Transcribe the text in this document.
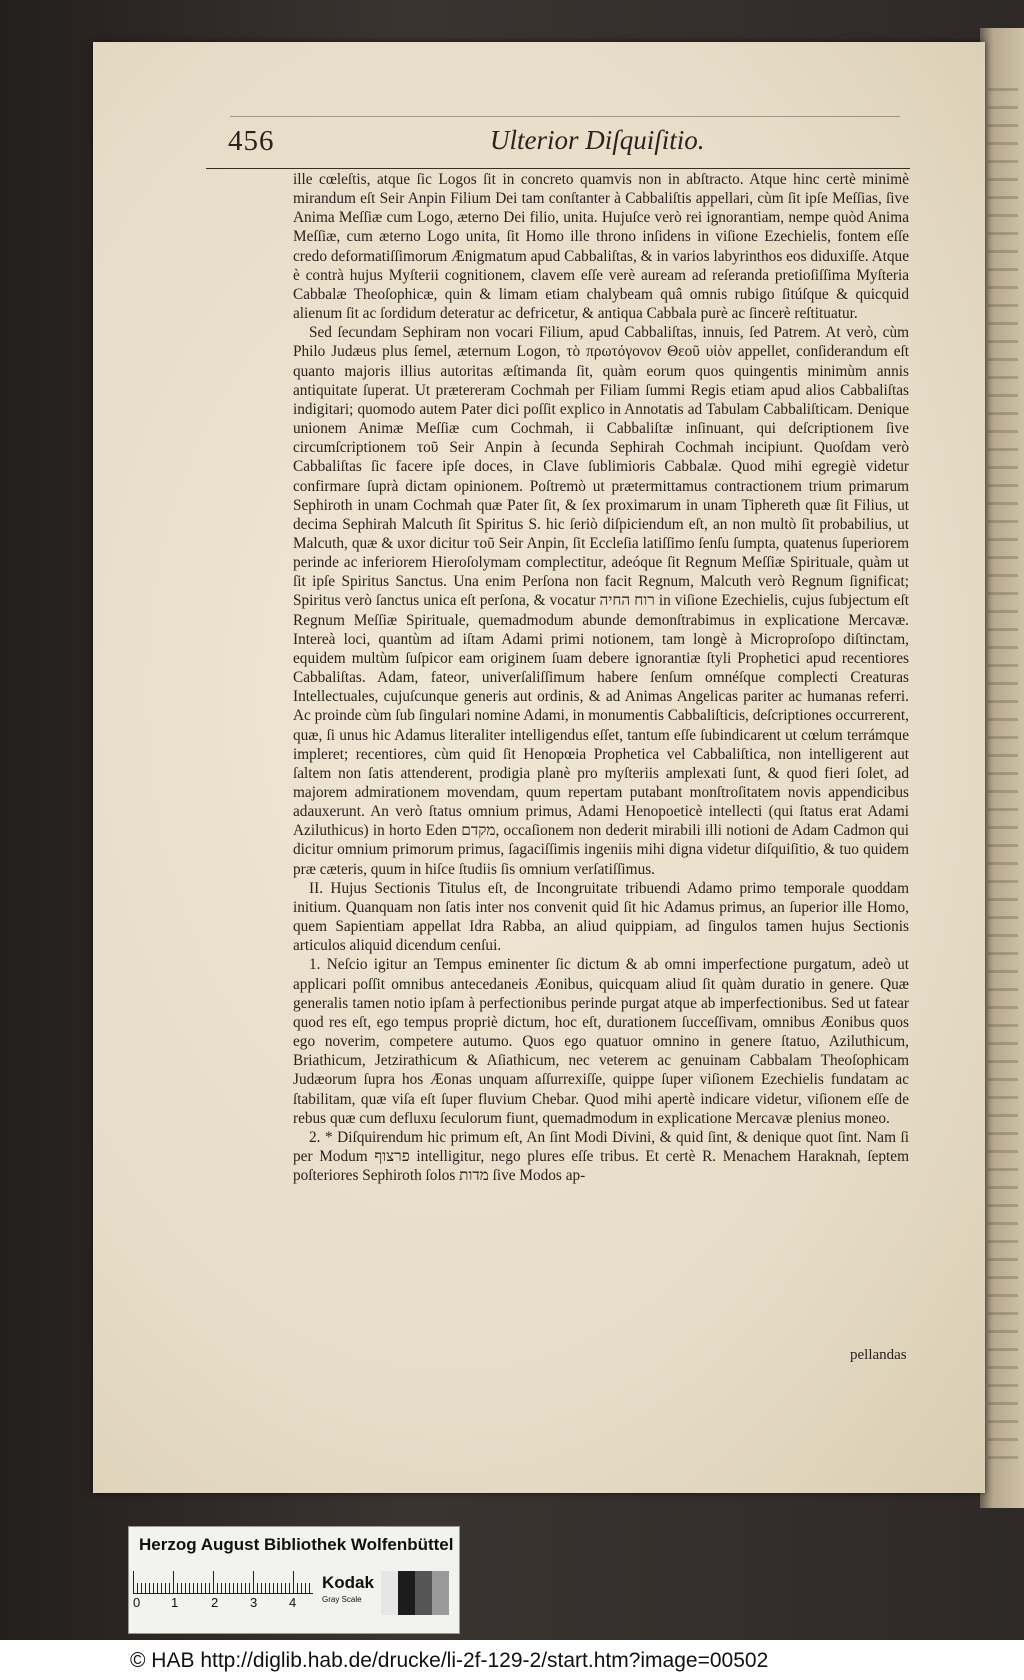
456	Ulterior Diſquiſitio.

ille cœleſtis, atque ſic Logos ſit in concreto quamvis non in abſtracto. Atque hinc certè minimè mirandum eſt Seir Anpin Filium Dei tam conſtanter à Cabbaliſtis appellari, cùm ſit ipſe Meſſias, ſive Anima Meſſiæ cum Logo, æterno Dei filio, unita. Hujuſce verò rei ignorantiam, nempe quòd Anima Meſſiæ, cum æterno Logo unita, ſit Homo ille throno inſidens in viſione Ezechielis, fontem eſſe credo deformatiſſimorum Ænigmatum apud Cabbaliſtas, & in varios labyrinthos eos diduxiſſe. Atque è contrà hujus Myſterii cognitionem, clavem eſſe verè auream ad reſeranda pretioſiſſima Myſteria Cabbalæ Theoſophicæ, quin & limam etiam chalybeam quâ omnis rubigo ſitúſque & quicquid alienum ſit ac ſordidum deteratur ac defricetur, & antiqua Cabbala purè ac ſincerè reſtituatur.

Sed ſecundam Sephiram non vocari Filium, apud Cabbaliſtas, innuis, ſed Patrem. At verò, cùm Philo Judæus plus ſemel, æternum Logon, τὸ πρωτόγονον Θεοῦ υἱὸν appellet, conſiderandum eſt quanto majoris illius autoritas æſtimanda ſit, quàm eorum quos quingentis minimùm annis antiquitate ſuperat. Ut prætereram Cochmah per Filiam ſummi Regis etiam apud alios Cabbaliſtas indigitari; quomodo autem Pater dici poſſit explico in Annotatis ad Tabulam Cabbaliſticam. Denique unionem Animæ Meſſiæ cum Cochmah, ii Cabbaliſtæ inſinuant, qui deſcriptionem ſive circumſcriptionem τοῦ Seir Anpin à ſecunda Sephirah Cochmah incipiunt. Quoſdam verò Cabbaliſtas ſic facere ipſe doces, in Clave ſublimioris Cabbalæ. Quod mihi egregiè videtur confirmare ſuprà dictam opinionem. Poſtremò ut prætermittamus contractionem trium primarum Sephiroth in unam Cochmah quæ Pater ſit, & ſex proximarum in unam Tiphereth quæ ſit Filius, ut decima Sephirah Malcuth ſit Spiritus S. hic ſeriò diſpiciendum eſt, an non multò ſit probabilius, ut Malcuth, quæ & uxor dicitur τοῦ Seir Anpin, ſit Eccleſia latiſſimo ſenſu ſumpta, quatenus ſuperiorem perinde ac inferiorem Hieroſolymam complectitur, adeóque ſit Regnum Meſſiæ Spirituale, quàm ut ſit ipſe Spiritus Sanctus. Una enim Perſona non facit Regnum, Malcuth verò Regnum ſignificat; Spiritus verò ſanctus unica eſt perſona, & vocatur רוח החיה in viſione Ezechielis, cujus ſubjectum eſt Regnum Meſſiæ Spirituale, quemadmodum abunde demonſtrabimus in explicatione Mercavæ. Intereà loci, quantùm ad iſtam Adami primi notionem, tam longè à Microproſopo diſtinctam, equidem multùm ſuſpicor eam originem ſuam debere ignorantiæ ſtyli Prophetici apud recentiores Cabbaliſtas. Adam, fateor, univerſaliſſimum habere ſenſum omnéſque complecti Creaturas Intellectuales, cujuſcunque generis aut ordinis, & ad Animas Angelicas pariter ac humanas referri. Ac proinde cùm ſub ſingulari nomine Adami, in monumentis Cabbaliſticis, deſcriptiones occurrerent, quæ, ſi unus hic Adamus literaliter intelligendus eſſet, tantum eſſe ſubindicarent ut cœlum terrámque impleret; recentiores, cùm quid ſit Henopœia Prophetica vel Cabbaliſtica, non intelligerent aut ſaltem non ſatis attenderent, prodigia planè pro myſteriis amplexati ſunt, & quod fieri ſolet, ad majorem admirationem movendam, quum repertam putabant monſtroſitatem novis appendicibus adauxerunt. An verò ſtatus omnium primus, Adami Henopoeticè intellecti (qui ſtatus erat Adami Aziluthicus) in horto Eden מקדם, occaſionem non dederit mirabili illi notioni de Adam Cadmon qui dicitur omnium primorum primus, ſagaciſſimis ingeniis mihi digna videtur diſquiſitio, & tuo quidem præ cæteris, quum in hiſce ſtudiis ſis omnium verſatiſſimus.

II. Hujus Sectionis Titulus eſt, de Incongruitate tribuendi Adamo primo temporale quoddam initium. Quanquam non ſatis inter nos convenit quid ſit hic Adamus primus, an ſuperior ille Homo, quem Sapientiam appellat Idra Rabba, an aliud quippiam, ad ſingulos tamen hujus Sectionis articulos aliquid dicendum cenſui.

1. Neſcio igitur an Tempus eminenter ſic dictum & ab omni imperfectione purgatum, adeò ut applicari poſſit omnibus antecedaneis Æonibus, quicquam aliud ſit quàm duratio in genere. Quæ generalis tamen notio ipſam à perfectionibus perinde purgat atque ab imperfectionibus. Sed ut fatear quod res eſt, ego tempus propriè dictum, hoc eſt, durationem ſucceſſivam, omnibus Æonibus quos ego noverim, competere autumo. Quos ego quatuor omnino in genere ſtatuo, Aziluthicum, Briathicum, Jetzirathicum & Aſiathicum, nec veterem ac genuinam Cabbalam Theoſophicam Judæorum ſupra hos Æonas unquam aſſurrexiſſe, quippe ſuper viſionem Ezechielis fundatam ac ſtabilitam, quæ viſa eſt ſuper fluvium Chebar. Quod mihi apertè indicare videtur, viſionem eſſe de rebus quæ cum defluxu ſeculorum fiunt, quemadmodum in explicatione Mercavæ plenius moneo.

2. * Diſquirendum hic primum eſt, An ſint Modi Divini, & quid ſint, & denique quot ſint. Nam ſi per Modum פרצוף intelligitur, nego plures eſſe tribus. Et certè R. Menachem Haraknah, ſeptem poſteriores Sephiroth ſolos מדות ſive Modos ap-

pellandas
Herzog August Bibliothek Wolfenbüttel
0 1	2 3 4
Kodak
Gray Scale
© HAB http://diglib.hab.de/drucke/li-2f-129-2/start.htm?image=00502
